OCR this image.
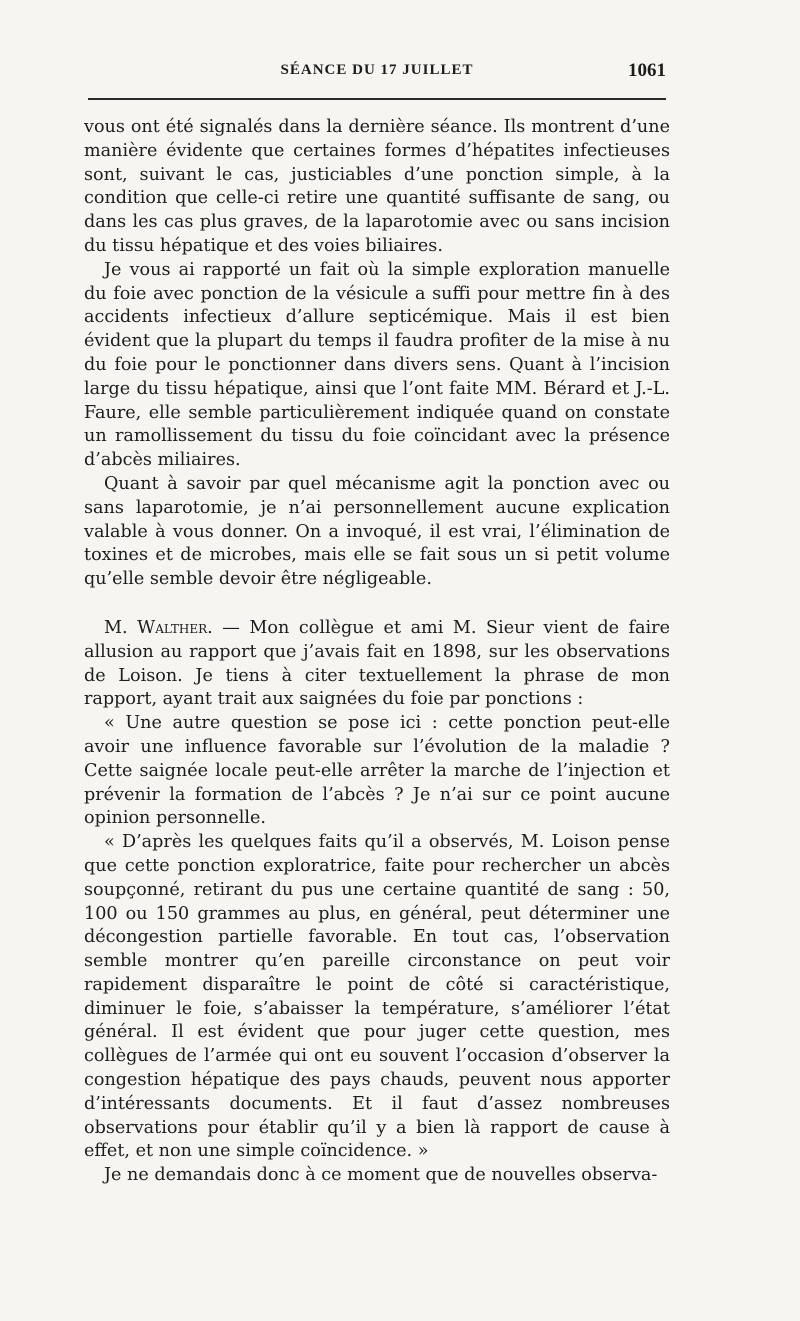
SÉANCE DU 17 JUILLET	1061

vous ont été signalés dans la dernière séance. Ils montrent d’une manière évidente que certaines formes d’hépatites infectieuses sont, suivant le cas, justiciables d’une ponction simple, à la condition que celle-ci retire une quantité suffisante de sang, ou dans les cas plus graves, de la laparotomie avec ou sans incision du tissu hépatique et des voies biliaires.

Je vous ai rapporté un fait où la simple exploration manuelle du foie avec ponction de la vésicule a suffi pour mettre fin à des accidents infectieux d’allure septicémique. Mais il est bien évident que la plupart du temps il faudra profiter de la mise à nu du foie pour le ponctionner dans divers sens. Quant à l’incision large du tissu hépatique, ainsi que l’ont faite MM. Bérard et J.-L. Faure, elle semble particulièrement indiquée quand on constate un ramollissement du tissu du foie coïncidant avec la présence d’abcès miliaires.

Quant à savoir par quel mécanisme agit la ponction avec ou sans laparotomie, je n’ai personnellement aucune explication valable à vous donner. On a invoqué, il est vrai, l’élimination de toxines et de microbes, mais elle se fait sous un si petit volume qu’elle semble devoir être négligeable.

M. Walther. — Mon collègue et ami M. Sieur vient de faire allusion au rapport que j’avais fait en 1898, sur les observations de Loison. Je tiens à citer textuellement la phrase de mon rapport, ayant trait aux saignées du foie par ponctions :

« Une autre question se pose ici : cette ponction peut-elle avoir une influence favorable sur l’évolution de la maladie ? Cette saignée locale peut-elle arrêter la marche de l’injection et prévenir la formation de l’abcès ? Je n’ai sur ce point aucune opinion personnelle.

« D’après les quelques faits qu’il a observés, M. Loison pense que cette ponction exploratrice, faite pour rechercher un abcès soupçonné, retirant du pus une certaine quantité de sang : 50, 100 ou 150 grammes au plus, en général, peut déterminer une décongestion partielle favorable. En tout cas, l’observation semble montrer qu’en pareille circonstance on peut voir rapidement disparaître le point de côté si caractéristique, diminuer le foie, s’abaisser la température, s’améliorer l’état général. Il est évident que pour juger cette question, mes collègues de l’armée qui ont eu souvent l’occasion d’observer la congestion hépatique des pays chauds, peuvent nous apporter d’intéressants documents. Et il faut d’assez nombreuses observations pour établir qu’il y a bien là rapport de cause à effet, et non une simple coïncidence. »

Je ne demandais donc à ce moment que de nouvelles observa-
